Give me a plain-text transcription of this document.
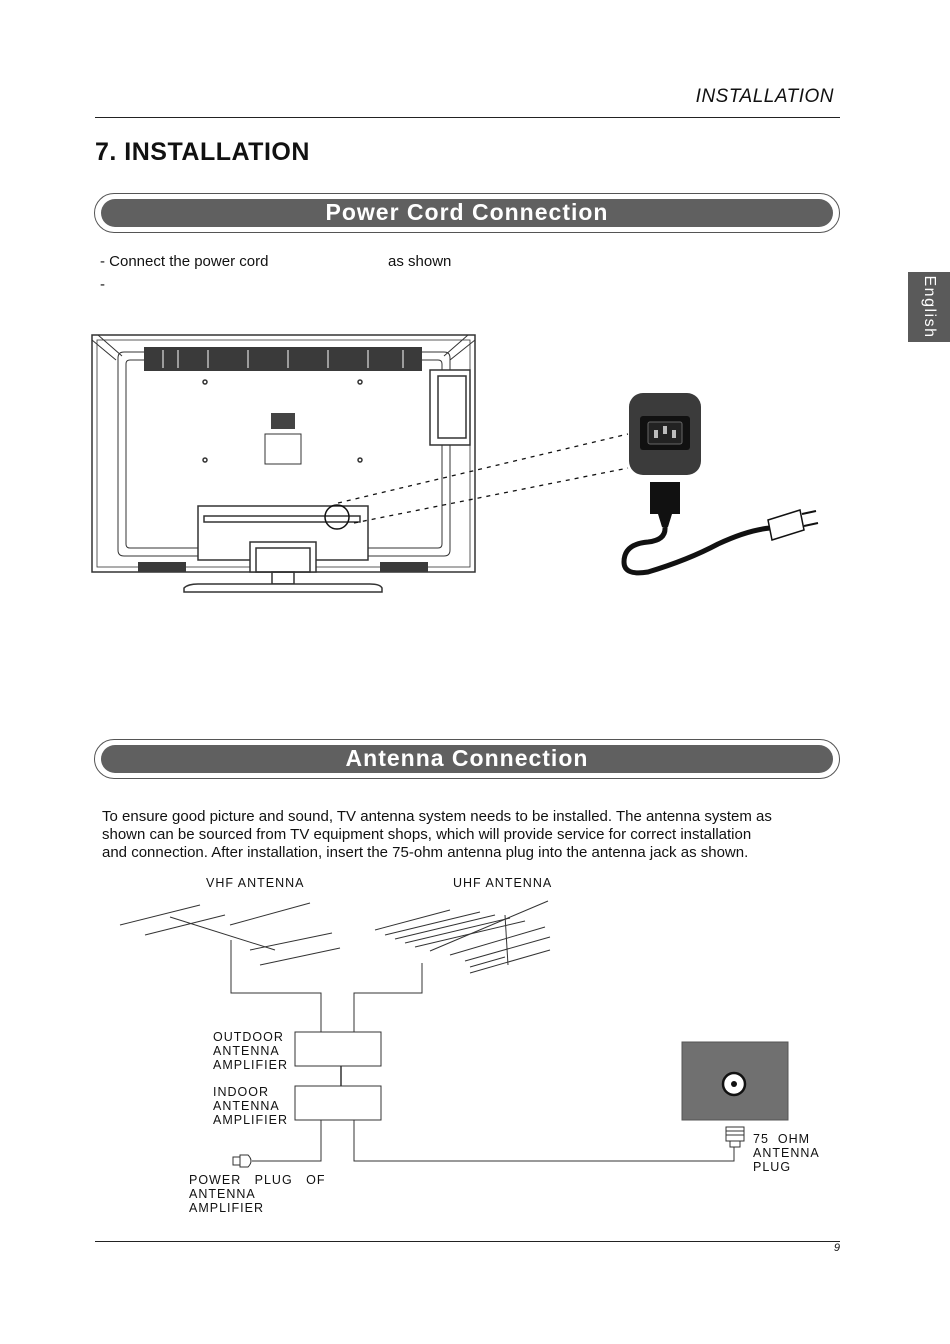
INSTALLATION
7. INSTALLATION
English
Power Cord Connection
- Connect the power cord	as shown
-
Antenna Connection
To ensure good picture and sound, TV antenna system needs to be installed. The antenna system as
shown can be sourced from TV equipment shops, which will provide service for correct installation
and connection. After installation, insert the 75-ohm antenna plug into the antenna jack as shown.
VHF ANTENNA	UHF ANTENNA
OUTDOOR
ANTENNA
AMPLIFIER
INDOOR
ANTENNA
AMPLIFIER
POWER   PLUG   OF
ANTENNA
AMPLIFIER
75  OHM
ANTENNA
PLUG
9
